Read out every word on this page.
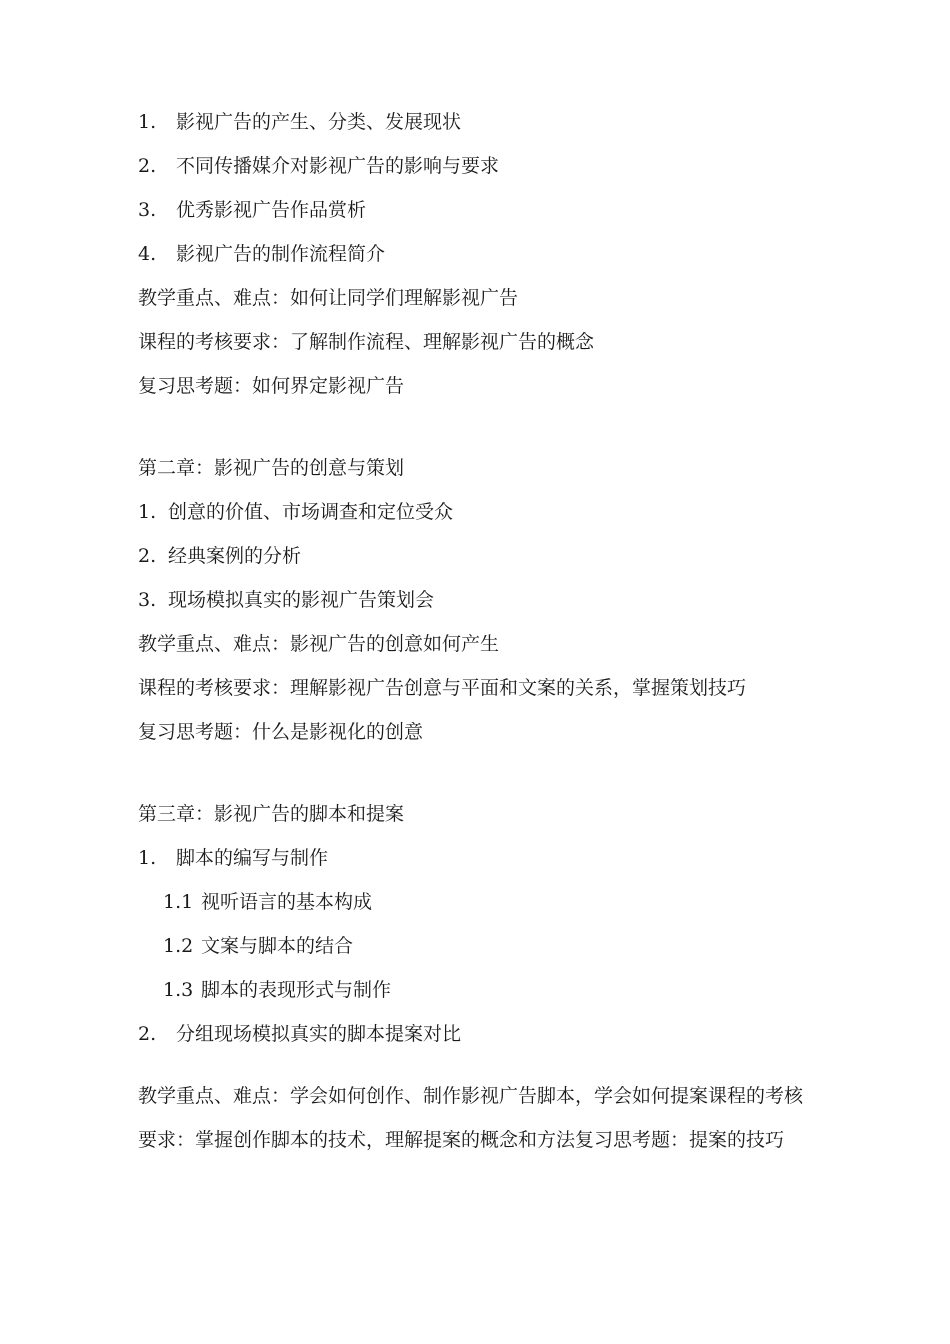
1. 影视广告的产生、分类、发展现状
2. 不同传播媒介对影视广告的影响与要求
3. 优秀影视广告作品赏析
4. 影视广告的制作流程简介
教学重点、难点：如何让同学们理解影视广告
课程的考核要求：了解制作流程、理解影视广告的概念
复习思考题：如何界定影视广告
第二章：影视广告的创意与策划
1. 创意的价值、市场调查和定位受众
2. 经典案例的分析
3. 现场模拟真实的影视广告策划会
教学重点、难点：影视广告的创意如何产生
课程的考核要求：理解影视广告创意与平面和文案的关系，掌握策划技巧
复习思考题：什么是影视化的创意
第三章：影视广告的脚本和提案
1. 脚本的编写与制作
1.1 视听语言的基本构成
1.2 文案与脚本的结合
1.3 脚本的表现形式与制作
2. 分组现场模拟真实的脚本提案对比
教学重点、难点：学会如何创作、制作影视广告脚本，学会如何提案课程的考核
要求：掌握创作脚本的技术，理解提案的概念和方法复习思考题：提案的技巧
